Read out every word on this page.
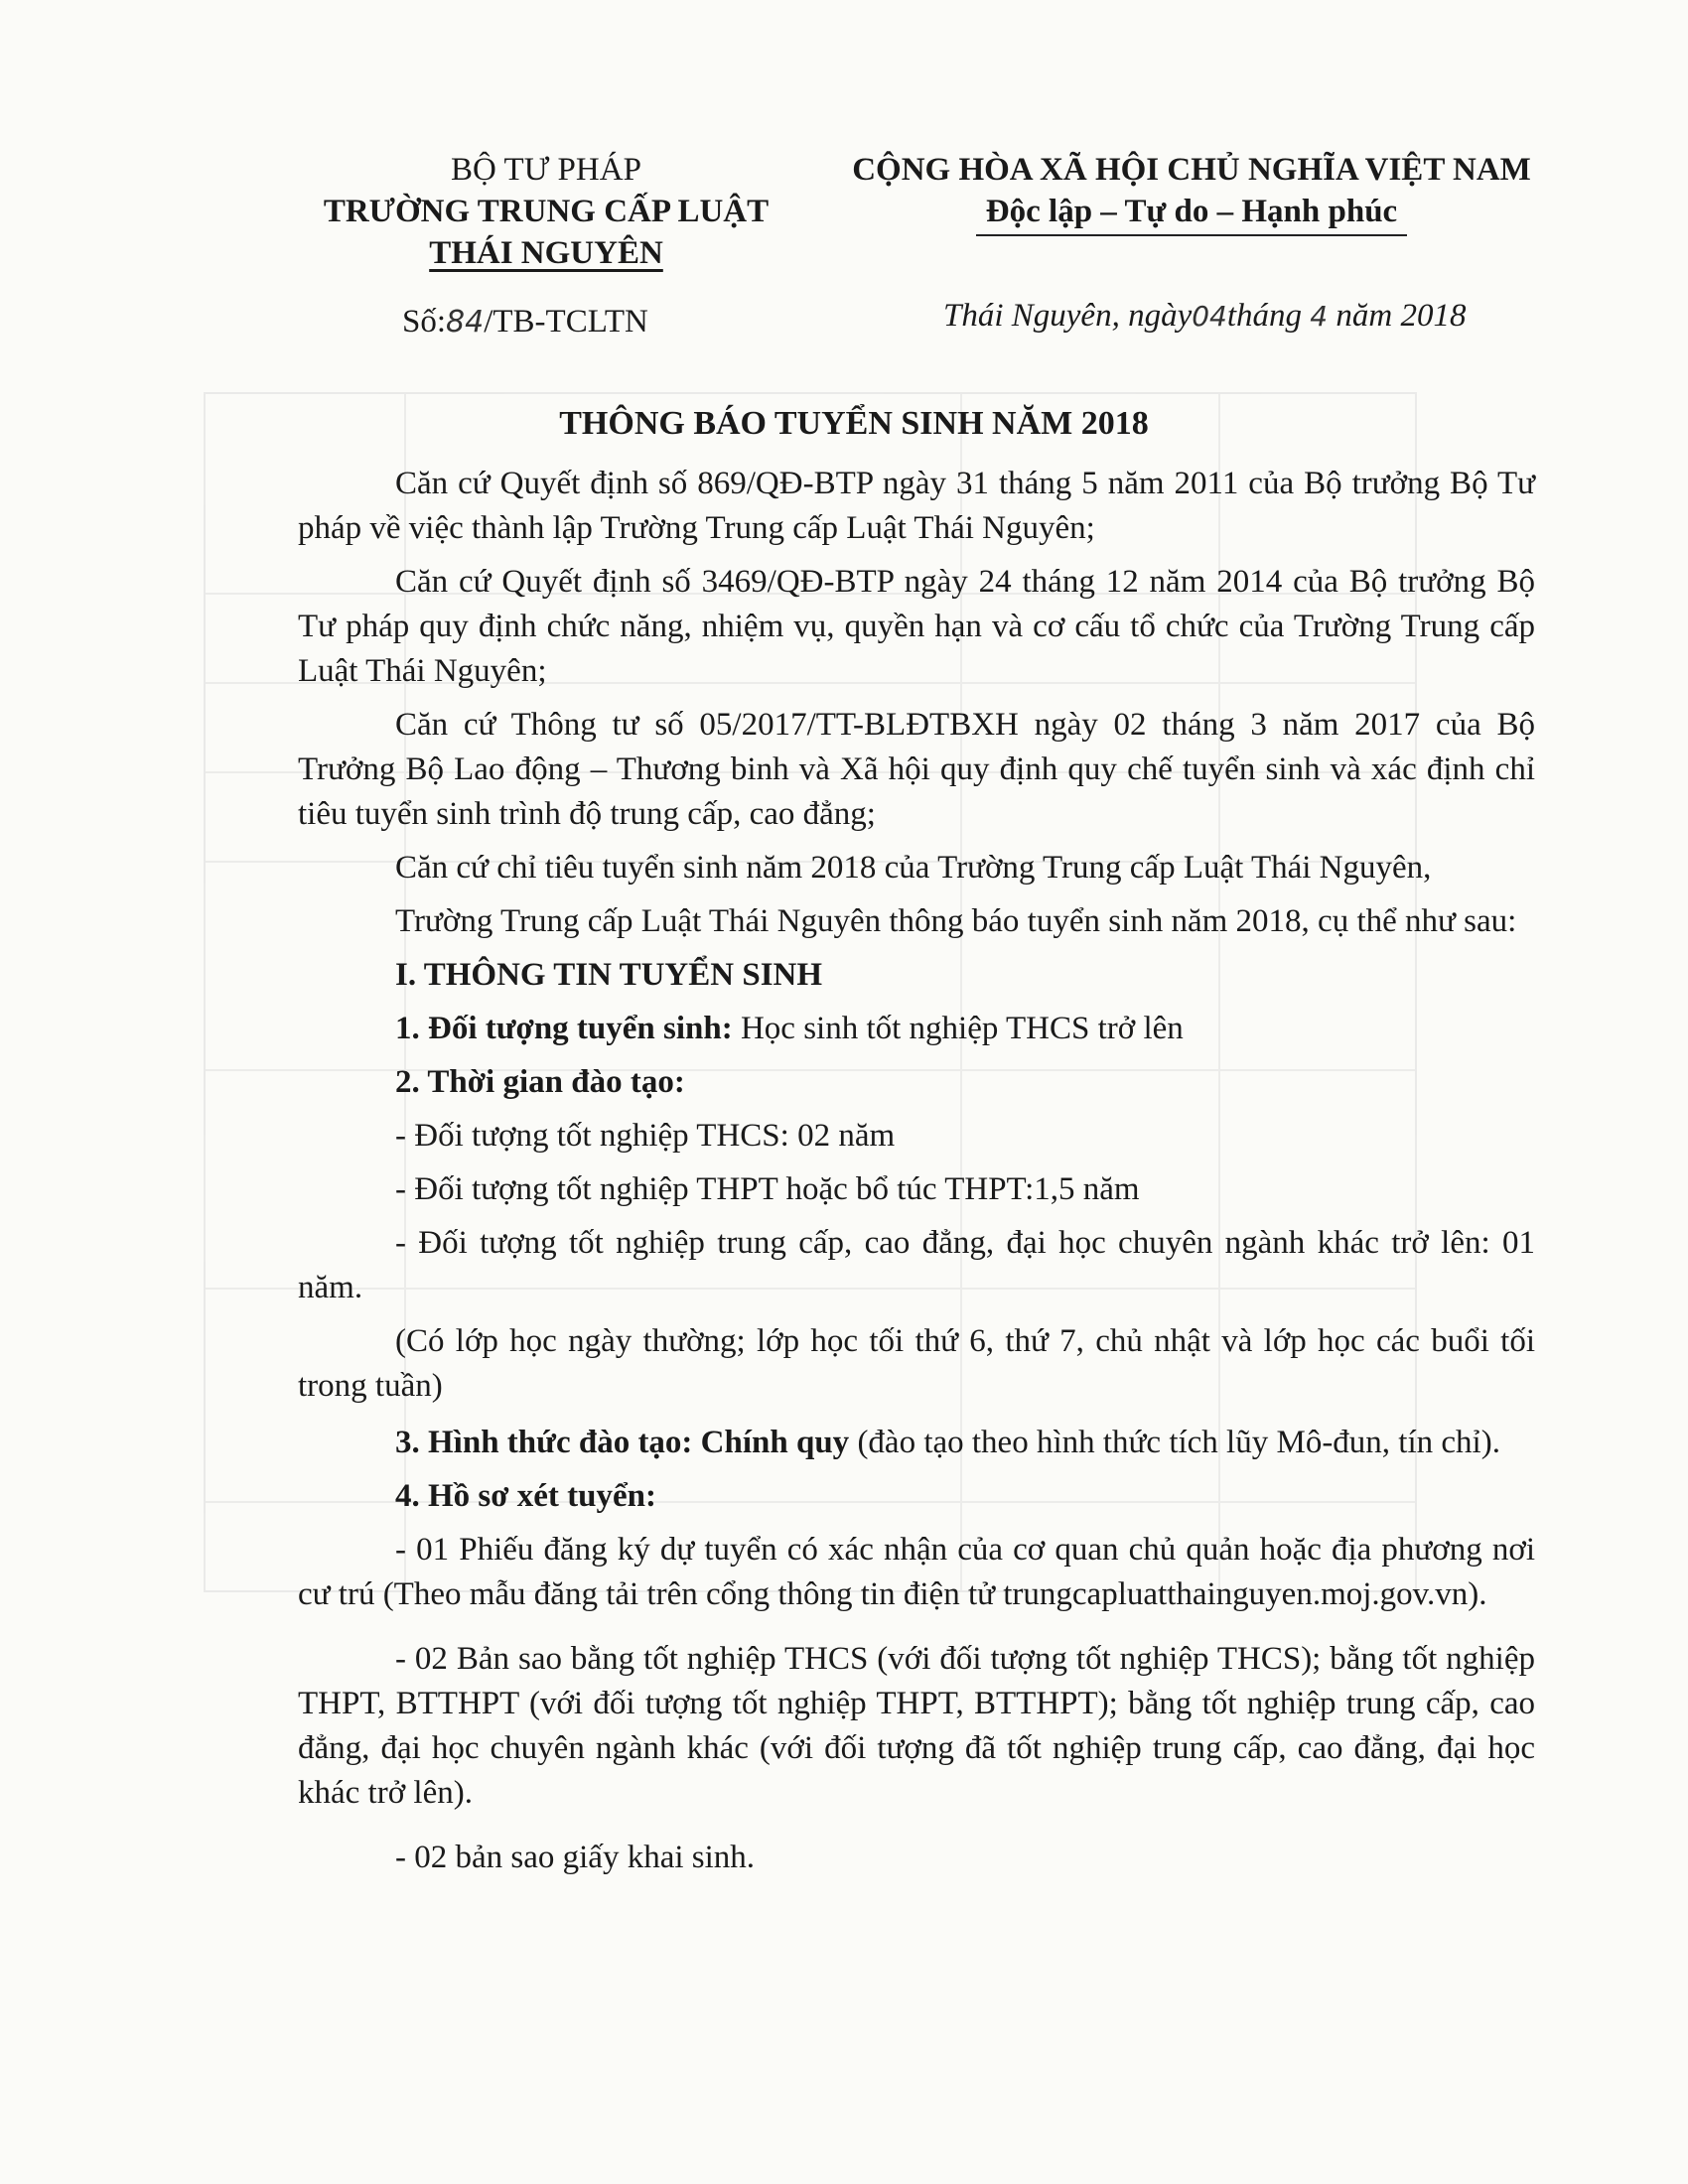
BỘ TƯ PHÁP
TRƯỜNG TRUNG CẤP LUẬT
THÁI NGUYÊN
CỘNG HÒA XÃ HỘI CHỦ NGHĨA VIỆT NAM
Độc lập – Tự do – Hạnh phúc
Số:84/TB-TCLTN	Thái Nguyên, ngày04tháng 4 năm 2018
THÔNG BÁO TUYỂN SINH NĂM 2018

Căn cứ Quyết định số 869/QĐ-BTP ngày 31 tháng 5 năm 2011 của Bộ trưởng Bộ Tư pháp về việc thành lập Trường Trung cấp Luật Thái Nguyên;

Căn cứ Quyết định số 3469/QĐ-BTP ngày 24 tháng 12 năm 2014 của Bộ trưởng Bộ Tư pháp quy định chức năng, nhiệm vụ, quyền hạn và cơ cấu tổ chức của Trường Trung cấp Luật Thái Nguyên;

Căn cứ Thông tư số 05/2017/TT-BLĐTBXH ngày 02 tháng 3 năm 2017 của Bộ Trưởng Bộ Lao động – Thương binh và Xã hội quy định quy chế tuyển sinh và xác định chỉ tiêu tuyển sinh trình độ trung cấp, cao đẳng;

Căn cứ chỉ tiêu tuyển sinh năm 2018 của Trường Trung cấp Luật Thái Nguyên,

Trường Trung cấp Luật Thái Nguyên thông báo tuyển sinh năm 2018, cụ thể như sau:

I. THÔNG TIN TUYỂN SINH

1. Đối tượng tuyển sinh: Học sinh tốt nghiệp THCS trở lên

2. Thời gian đào tạo:

- Đối tượng tốt nghiệp THCS: 02 năm

- Đối tượng tốt nghiệp THPT hoặc bổ túc THPT:1,5 năm

- Đối tượng tốt nghiệp trung cấp, cao đẳng, đại học chuyên ngành khác trở lên: 01 năm.

(Có lớp học ngày thường; lớp học tối thứ 6, thứ 7, chủ nhật và lớp học các buổi tối trong tuần)

3. Hình thức đào tạo: Chính quy (đào tạo theo hình thức tích lũy Mô-đun, tín chỉ).

4. Hồ sơ xét tuyển:

- 01 Phiếu đăng ký dự tuyển có xác nhận của cơ quan chủ quản hoặc địa phương nơi cư trú (Theo mẫu đăng tải trên cổng thông tin điện tử trungcapluatthainguyen.moj.gov.vn).

- 02 Bản sao bằng tốt nghiệp THCS (với đối tượng tốt nghiệp THCS); bằng tốt nghiệp THPT, BTTHPT (với đối tượng tốt nghiệp THPT, BTTHPT); bằng tốt nghiệp trung cấp, cao đẳng, đại học chuyên ngành khác (với đối tượng đã tốt nghiệp trung cấp, cao đẳng, đại học khác trở lên).

- 02 bản sao giấy khai sinh.
